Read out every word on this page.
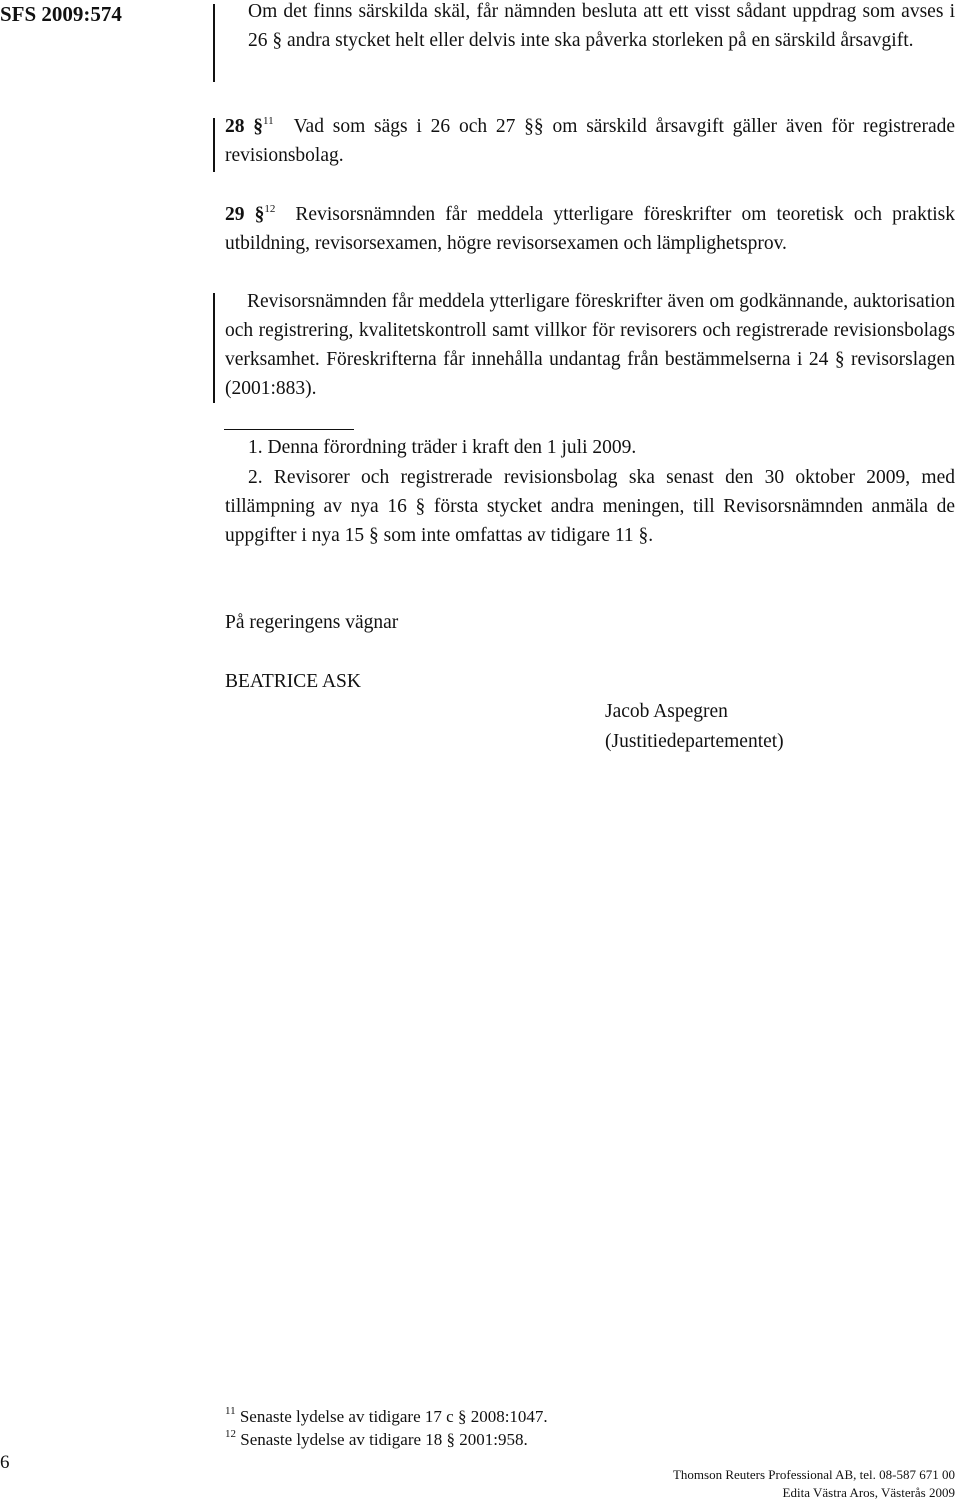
SFS 2009:574	Om det finns särskilda skäl, får nämnden besluta att ett visst sådant uppdrag som avses i 26 § andra stycket helt eller delvis inte ska påverka storleken på en särskild årsavgift.
28 §$^{11}$ Vad som sägs i 26 och 27 §§ om särskild årsavgift gäller även för registrerade revisionsbolag.
29 §$^{12}$ Revisorsnämnden får meddela ytterligare föreskrifter om teoretisk och praktisk utbildning, revisorsexamen, högre revisorsexamen och lämplighetsprov.
Revisorsnämnden får meddela ytterligare föreskrifter även om godkännande, auktorisation och registrering, kvalitetskontroll samt villkor för revisorers och registrerade revisionsbolags verksamhet. Föreskrifterna får innehålla undantag från bestämmelserna i 24 § revisorslagen (2001:883).
1. Denna förordning träder i kraft den 1 juli 2009.
2. Revisorer och registrerade revisionsbolag ska senast den 30 oktober 2009, med tillämpning av nya 16 § första stycket andra meningen, till Revisorsnämnden anmäla de uppgifter i nya 15 § som inte omfattas av tidigare 11 §.
På regeringens vägnar
BEATRICE ASK
Jacob Aspegren
(Justitiedepartementet)
$^{11}$ Senaste lydelse av tidigare 17 c § 2008:1047.
$^{12}$ Senaste lydelse av tidigare 18 § 2001:958.
6
Thomson Reuters Professional AB, tel. 08-587 671 00
Edita Västra Aros, Västerås 2009
